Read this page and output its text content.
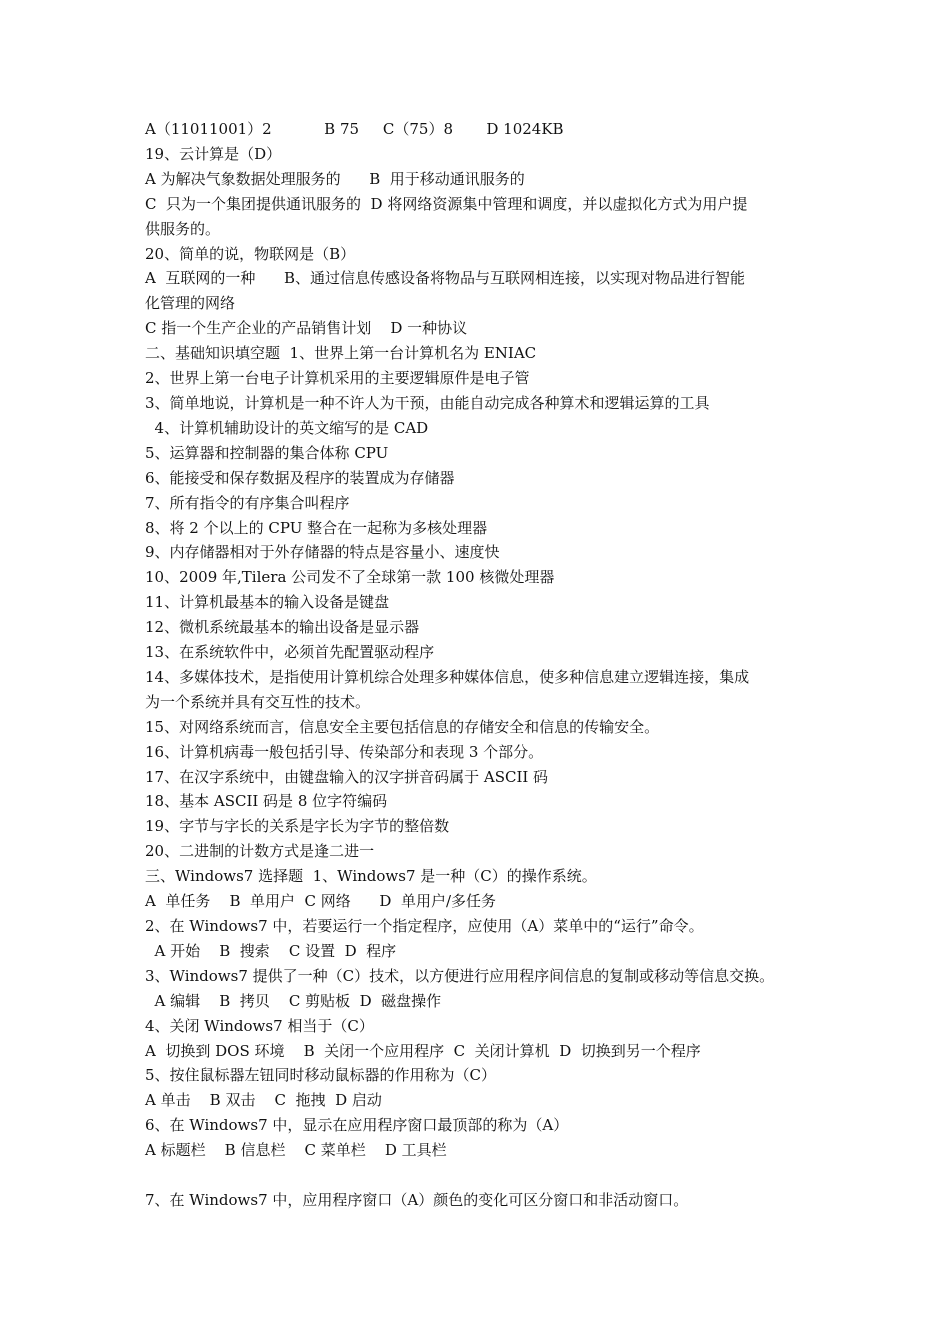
A（11011001）2           B 75     C（75）8       D 1024KB

19、云计算是（D）

A 为解决气象数据处理服务的      B  用于移动通讯服务的

C  只为一个集团提供通讯服务的  D 将网络资源集中管理和调度，并以虚拟化方式为用户提

供服务的。

20、简单的说，物联网是（B）

A  互联网的一种      B、通过信息传感设备将物品与互联网相连接，以实现对物品进行智能

化管理的网络

C 指一个生产企业的产品销售计划    D 一种协议

二、基础知识填空题  1、世界上第一台计算机名为 ENIAC

2、世界上第一台电子计算机采用的主要逻辑原件是电子管

3、简单地说，计算机是一种不许人为干预，由能自动完成各种算术和逻辑运算的工具

4、计算机辅助设计的英文缩写的是 CAD

5、运算器和控制器的集合体称 CPU

6、能接受和保存数据及程序的装置成为存储器

7、所有指令的有序集合叫程序

8、将 2 个以上的 CPU 整合在一起称为多核处理器

9、内存储器相对于外存储器的特点是容量小、速度快

10、2009 年,Tilera 公司发不了全球第一款 100 核微处理器

11、计算机最基本的输入设备是键盘

12、微机系统最基本的输出设备是显示器

13、在系统软件中，必须首先配置驱动程序

14、多媒体技术，是指使用计算机综合处理多种媒体信息，使多种信息建立逻辑连接，集成

为一个系统并具有交互性的技术。

15、对网络系统而言，信息安全主要包括信息的存储安全和信息的传输安全。

16、计算机病毒一般包括引导、传染部分和表现 3 个部分。

17、在汉字系统中，由键盘输入的汉字拼音码属于 ASCII 码

18、基本 ASCII 码是 8 位字符编码

19、字节与字长的关系是字长为字节的整倍数

20、二进制的计数方式是逢二进一

三、Windows7 选择题  1、Windows7 是一种（C）的操作系统。

A  单任务    B  单用户  C 网络      D  单用户/多任务

2、在 Windows7 中，若要运行一个指定程序，应使用（A）菜单中的“运行”命令。

A 开始    B  搜索    C 设置  D  程序

3、Windows7 提供了一种（C）技术，以方便进行应用程序间信息的复制或移动等信息交换。

A 编辑    B  拷贝    C 剪贴板  D  磁盘操作

4、关闭 Windows7 相当于（C）

A  切换到 DOS 环境    B  关闭一个应用程序  C  关闭计算机  D  切换到另一个程序

5、按住鼠标器左钮同时移动鼠标器的作用称为（C）

A 单击    B 双击    C  拖拽  D 启动

6、在 Windows7 中，显示在应用程序窗口最顶部的称为（A）

A 标题栏    B 信息栏    C 菜单栏    D 工具栏

7、在 Windows7 中，应用程序窗口（A）颜色的变化可区分窗口和非活动窗口。
